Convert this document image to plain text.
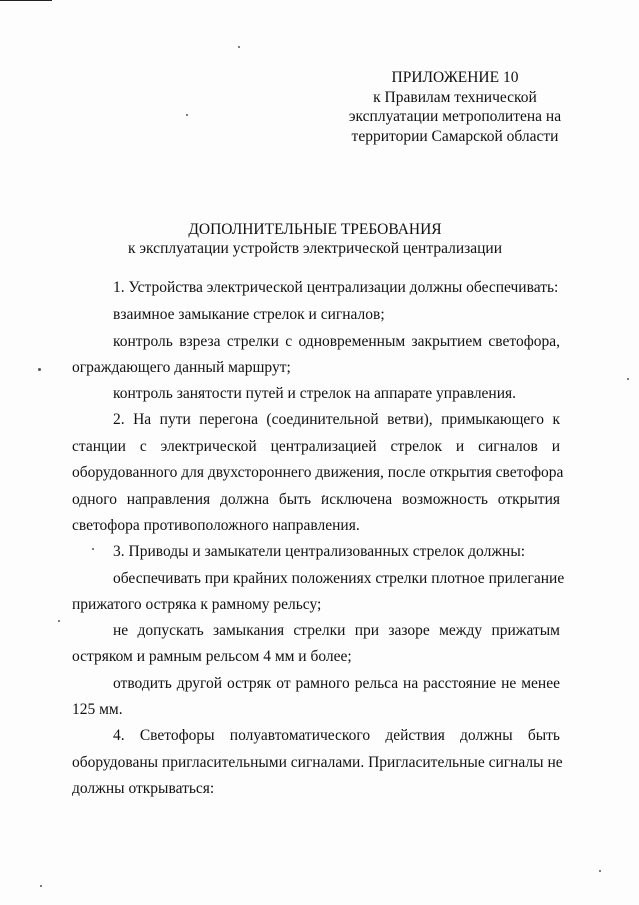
ПРИЛОЖЕНИЕ 10
к Правилам технической
эксплуатации метрополитена на
территории Самарской области
ДОПОЛНИТЕЛЬНЫЕ ТРЕБОВАНИЯ
к эксплуатации устройств электрической централизации
1. Устройства электрической централизации должны обеспечивать:
взаимное замыкание стрелок и сигналов;
контроль взреза стрелки с одновременным закрытием светофора,
ограждающего данный маршрут;
контроль занятости путей и стрелок на аппарате управления.
2. На пути перегона (соединительной ветви), примыкающего к
станции с электрической централизацией стрелок и сигналов и
оборудованного для двухстороннего движения, после открытия светофора
одного направления должна быть исключена возможность открытия
светофора противоположного направления.
3. Приводы и замыкатели централизованных стрелок должны:
обеспечивать при крайних положениях стрелки плотное прилегание
прижатого остряка к рамному рельсу;
не допускать замыкания стрелки при зазоре между прижатым
остряком и рамным рельсом 4 мм и более;
отводить другой остряк от рамного рельса на расстояние не менее
125 мм.
4. Светофоры полуавтоматического действия должны быть
оборудованы пригласительными сигналами. Пригласительные сигналы не
должны открываться:
